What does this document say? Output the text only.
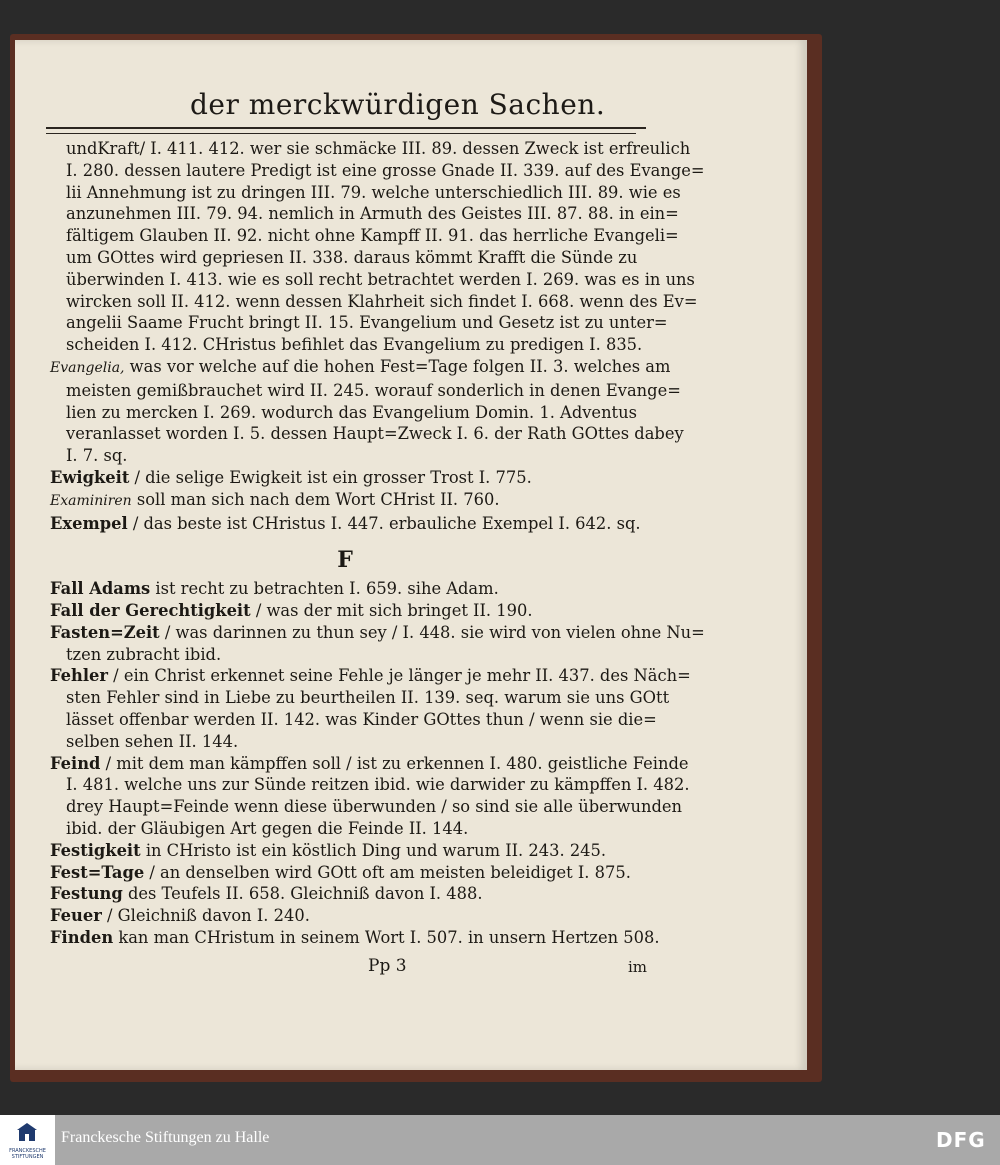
der merckwürdigen Sachen.
undKraft/ I. 411. 412. wer sie schmäcke III. 89. dessen Zweck ist erfreulich
I. 280. dessen lautere Predigt ist eine grosse Gnade II. 339. auf des Evange=
lii Annehmung ist zu dringen III. 79. welche unterschiedlich III. 89. wie es
anzunehmen III. 79. 94. nemlich in Armuth des Geistes III. 87. 88. in ein=
fältigem Glauben II. 92. nicht ohne Kampff II. 91. das herrliche Evangeli=
um GOttes wird gepriesen II. 338. daraus kömmt Krafft die Sünde zu
überwinden I. 413. wie es soll recht betrachtet werden I. 269. was es in uns
wircken soll II. 412. wenn dessen Klahrheit sich findet I. 668. wenn des Ev=
angelii Saame Frucht bringt II. 15. Evangelium und Gesetz ist zu unter=
scheiden I. 412. CHristus befihlet das Evangelium zu predigen I. 835.
Evangelia, was vor welche auf die hohen Fest=Tage folgen II. 3. welches am
meisten gemißbrauchet wird II. 245. worauf sonderlich in denen Evange=
lien zu mercken I. 269. wodurch das Evangelium Domin. 1. Adventus
veranlasset worden I. 5. dessen Haupt=Zweck I. 6. der Rath GOttes dabey
I. 7. sq.
Ewigkeit / die selige Ewigkeit ist ein grosser Trost I. 775.
Examiniren soll man sich nach dem Wort CHrist II. 760.
Exempel / das beste ist CHristus I. 447. erbauliche Exempel I. 642. sq.
F
Fall Adams ist recht zu betrachten I. 659. sihe Adam.
Fall der Gerechtigkeit / was der mit sich bringet II. 190.
Fasten=Zeit / was darinnen zu thun sey / I. 448. sie wird von vielen ohne Nu=
tzen zubracht ibid.
Fehler / ein Christ erkennet seine Fehle je länger je mehr II. 437. des Näch=
sten Fehler sind in Liebe zu beurtheilen II. 139. seq. warum sie uns GOtt
lässet offenbar werden II. 142. was Kinder GOttes thun / wenn sie die=
selben sehen II. 144.
Feind / mit dem man kämpffen soll / ist zu erkennen I. 480. geistliche Feinde
I. 481. welche uns zur Sünde reitzen ibid. wie darwider zu kämpffen I. 482.
drey Haupt=Feinde wenn diese überwunden / so sind sie alle überwunden
ibid. der Gläubigen Art gegen die Feinde II. 144.
Festigkeit in CHristo ist ein köstlich Ding und warum II. 243. 245.
Fest=Tage / an denselben wird GOtt oft am meisten beleidiget I. 875.
Festung des Teufels II. 658. Gleichniß davon I. 488.
Feuer / Gleichniß davon I. 240.
Finden kan man CHristum in seinem Wort I. 507. in unsern Hertzen 508.
Pp 3	im
FRANCKESCHE STIFTUNGEN
Franckesche Stiftungen zu Halle	DFG
